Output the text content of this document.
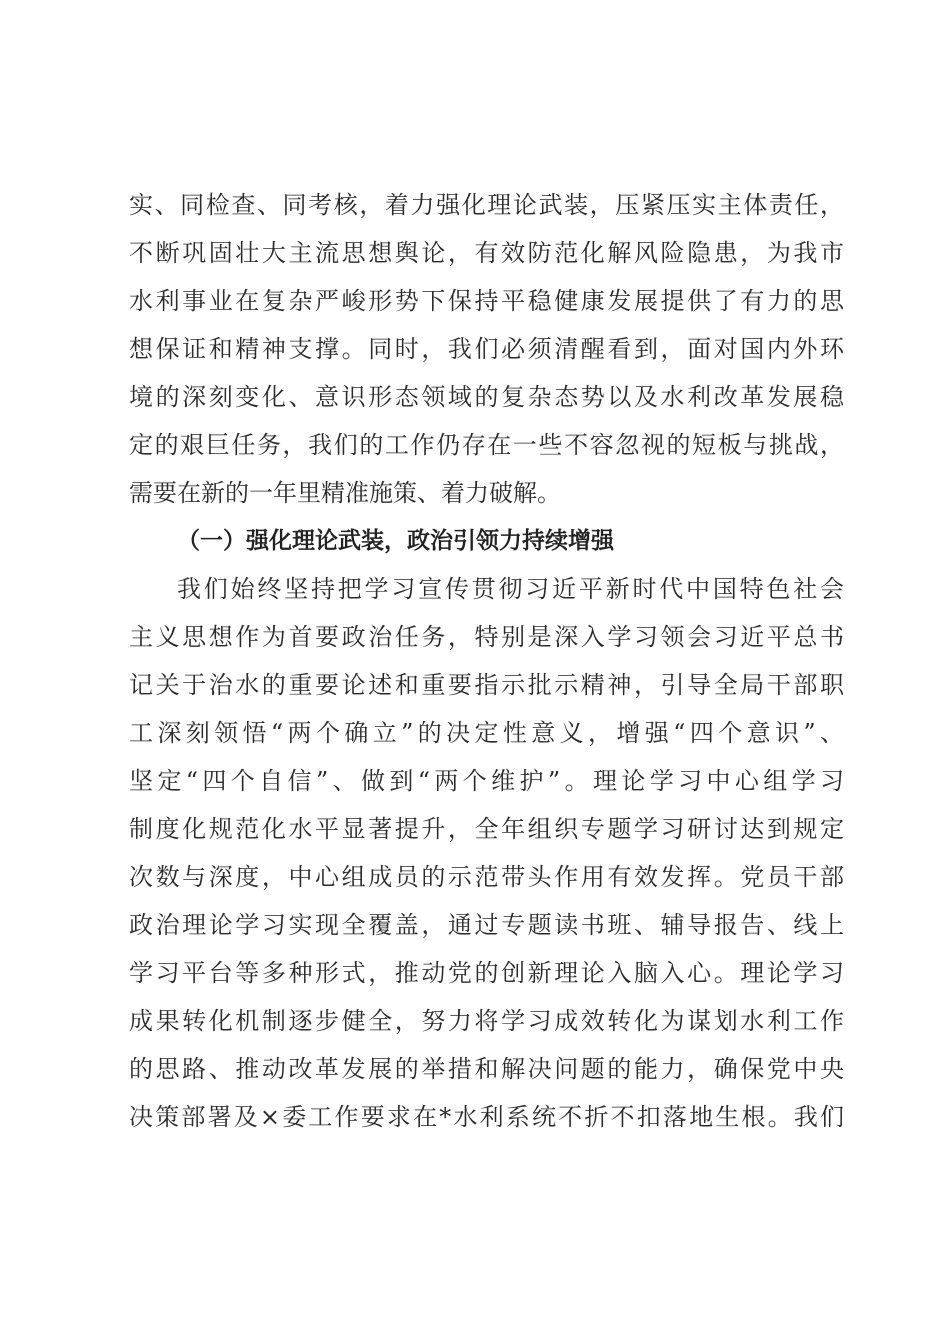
实、同检查、同考核，着力强化理论武装，压紧压实主体责任，
不断巩固壮大主流思想舆论，有效防范化解风险隐患，为我市
水利事业在复杂严峻形势下保持平稳健康发展提供了有力的思
想保证和精神支撑。同时，我们必须清醒看到，面对国内外环
境的深刻变化、意识形态领域的复杂态势以及水利改革发展稳
定的艰巨任务，我们的工作仍存在一些不容忽视的短板与挑战，
需要在新的一年里精准施策、着力破解。
（一）强化理论武装，政治引领力持续增强
我们始终坚持把学习宣传贯彻习近平新时代中国特色社会
主义思想作为首要政治任务，特别是深入学习领会习近平总书
记关于治水的重要论述和重要指示批示精神，引导全局干部职
工深刻领悟“两个确立”的决定性意义，增强“四个意识”、
坚定“四个自信”、做到“两个维护”。理论学习中心组学习
制度化规范化水平显著提升，全年组织专题学习研讨达到规定
次数与深度，中心组成员的示范带头作用有效发挥。党员干部
政治理论学习实现全覆盖，通过专题读书班、辅导报告、线上
学习平台等多种形式，推动党的创新理论入脑入心。理论学习
成果转化机制逐步健全，努力将学习成效转化为谋划水利工作
的思路、推动改革发展的举措和解决问题的能力，确保党中央
决策部署及×委工作要求在*水利系统不折不扣落地生根。我们
